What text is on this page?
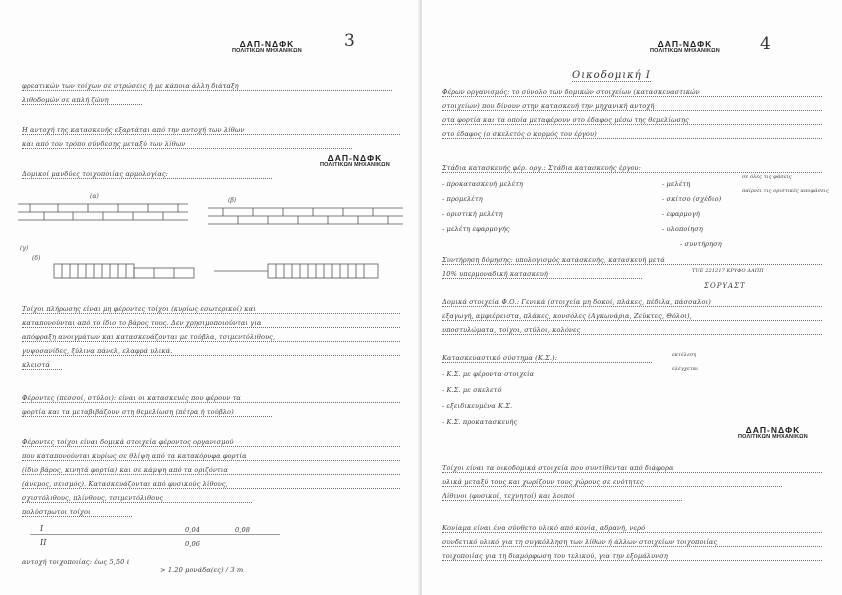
ΔΑΠ-ΝΔΦΚ
ΠΟΛΙΤΙΚΩΝ ΜΗΧΑΝΙΚΩΝ 3
φρεατικών των τοίχων σε στρώσεις ή με κάποια άλλη διάταξη
λιθοδομών σε απλή ζώνη
Η αντοχή της κατασκευής εξαρτάται από την αντοχή των λίθων
και από τον τρόπο σύνδεσης μεταξύ των λίθων
ΔΑΠ-ΝΔΦΚ
ΠΟΛΙΤΙΚΩΝ ΜΗΧΑΝΙΚΩΝ
Δομικοί μανδύες τοιχοποιίας αρμολογίας:
(α)
(β)
(γ)
(δ)
Τοίχοι πλήρωσης είναι μη φέροντες τοίχοι (κυρίως εσωτερικοί) και
καταπονούνται από το ίδιο το βάρος τους. Δεν χρησιμοποιούνται για
απόφραξη ανοιγμάτων και κατασκευάζονται με τούβλα, τσιμεντόλιθους,
γυψοσανίδες, ξύλινα πάνελ, ελαφρά υλικά.
κλειστά
Φέροντες (πεσσοί, στύλοι): είναι οι κατασκευές που φέρουν τα
φορτία και τα μεταβιβάζουν στη θεμελίωση (πέτρα ή τούβλο)
Φέροντες τοίχοι είναι δομικά στοιχεία φέροντος οργανισμού
που καταπονούνται κυρίως σε θλίψη από τα κατακόρυφα φορτία
(ίδιο βάρος, κινητά φορτία) και σε κάμψη από τα οριζόντια
(άνεμος, σεισμός). Κατασκευάζονται από φυσικούς λίθους,
σχιστόλιθους, πλίνθους, τσιμεντόλιθους
πολύστρωτοι τοίχοι
I
II
0,04	0,08
0,06
αντοχή τοιχοποιίας: έως 5,50 ℓ
> 1.20 μονάδα(ες) / 3 m
ΔΑΠ-ΝΔΦΚ
ΠΟΛΙΤΙΚΩΝ ΜΗΧΑΝΙΚΩΝ 4
Οικοδομική Ι
Φέρων οργανισμός: το σύνολο των δομικών στοιχείων (κατασκευαστικών
στοιχείων) που δίνουν στην κατασκευή την μηχανική αντοχή
στα φορτία και τα οποία μεταφέρουν στο έδαφος μέσω της θεμελίωσης
στο έδαφος (ο σκελετός ο κορμός του έργου)
Στάδια κατασκευής φέρ. οργ.: Στάδια κατασκευής έργου:
- προκατασκευή μελέτη
- προμελέτη
- οριστική μελέτη
- μελέτη εφαρμογής
- μελέτη
- σκίτσο (σχέδιο)
- εφαρμογή
- υλοποίηση
- συντήρηση
σε όλες τις φάσεις
παίρνει τις οριστικές αποφάσεις
Συντήρηση δόμησης: υπολογισμός κατασκευής, κατασκευή μετά
10% υπερμοναδική κατασκευή	TUE 221217 ΚΡΥΦΟ ΔΑΠΠ
ΣΟΡΥΑΣΤ
Δομικά στοιχεία Φ.Ο.: Γενικά (στοιχεία μη δοκοί, πλάκες, πέδιλα, πάσσαλοι)
εξαγωγή, αμφιέρειστα, πλάκες, κονσόλες (Αγκωνάρια, Ζεύκτες, Θόλοι),
υποστυλώματα, τοίχοι, στύλοι, κολόνες
Κατασκευαστικό σύστημα (Κ.Σ.):
- Κ.Σ. με φέροντα στοιχεία
- Κ.Σ. με σκελετό
- εξειδικευμένα Κ.Σ.
- Κ.Σ. προκατασκευής
εκτέλεση
ελέγχεται
ΔΑΠ-ΝΔΦΚ
ΠΟΛΙΤΙΚΩΝ ΜΗΧΑΝΙΚΩΝ
Τοίχοι είναι τα οικοδομικά στοιχεία που συντίθενται από διάφορα
υλικά μεταξύ τους και χωρίζουν τους χώρους σε ενότητες
Λίθινοι (φυσικοί, τεχνητοί) και λοιποί
Κονίαμα είναι ένα σύνθετο υλικό από κονία, αδρανή, νερό
συνδετικό υλικό για τη συγκόλληση των λίθων ή άλλων στοιχείων τοιχοποιίας
τοιχοποιίας για τη διαμόρφωση του τελικού, για την εξομάλυνση
